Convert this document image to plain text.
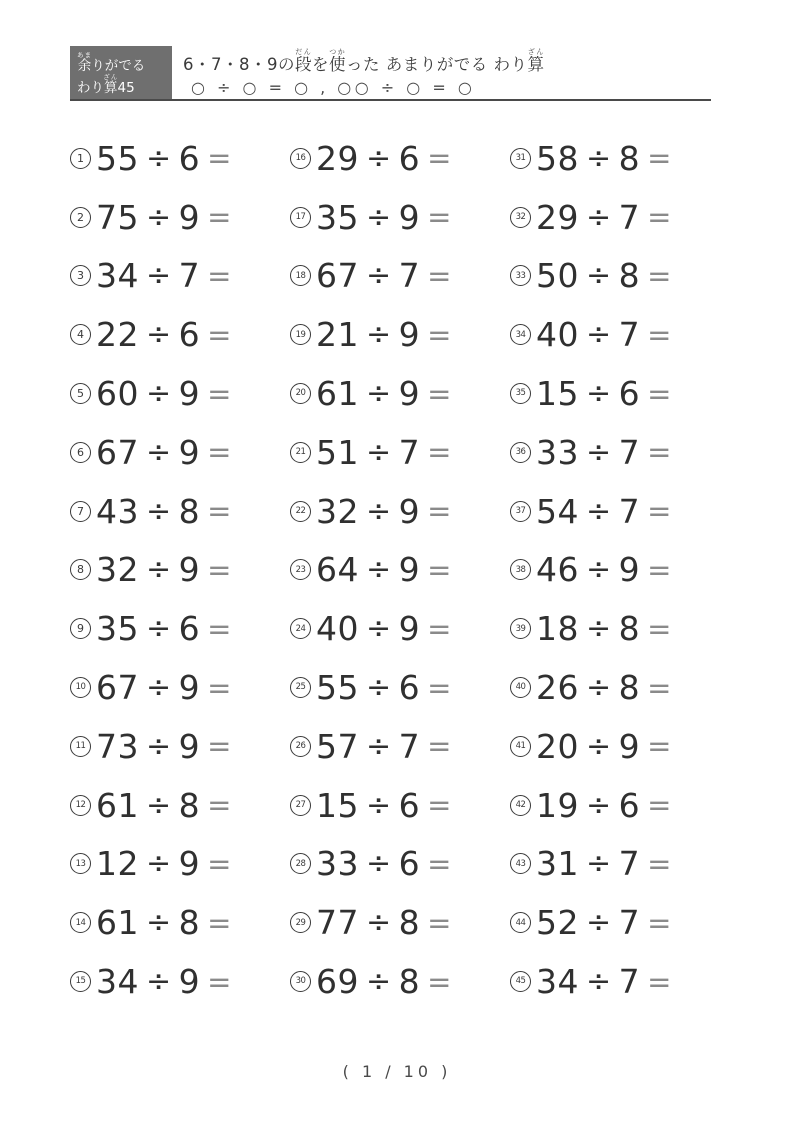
余あまりがでる
わり算ざん45
6・7・8・9の段だんを使つかった あまりがでる わり算ざん
○ ÷ ○ = ○ , ○○ ÷ ○ = ○
1 55 ÷ 6 =
2 75 ÷ 9 =
3 34 ÷ 7 =
4 22 ÷ 6 =
5 60 ÷ 9 =
6 67 ÷ 9 =
7 43 ÷ 8 =
8 32 ÷ 9 =
9 35 ÷ 6 =
10 67 ÷ 9 =
11 73 ÷ 9 =
12 61 ÷ 8 =
13 12 ÷ 9 =
14 61 ÷ 8 =
15 34 ÷ 9 =
16 29 ÷ 6 =
17 35 ÷ 9 =
18 67 ÷ 7 =
19 21 ÷ 9 =
20 61 ÷ 9 =
21 51 ÷ 7 =
22 32 ÷ 9 =
23 64 ÷ 9 =
24 40 ÷ 9 =
25 55 ÷ 6 =
26 57 ÷ 7 =
27 15 ÷ 6 =
28 33 ÷ 6 =
29 77 ÷ 8 =
30 69 ÷ 8 =
31 58 ÷ 8 =
32 29 ÷ 7 =
33 50 ÷ 8 =
34 40 ÷ 7 =
35 15 ÷ 6 =
36 33 ÷ 7 =
37 54 ÷ 7 =
38 46 ÷ 9 =
39 18 ÷ 8 =
40 26 ÷ 8 =
41 20 ÷ 9 =
42 19 ÷ 6 =
43 31 ÷ 7 =
44 52 ÷ 7 =
45 34 ÷ 7 =
( 1 / 10 )
